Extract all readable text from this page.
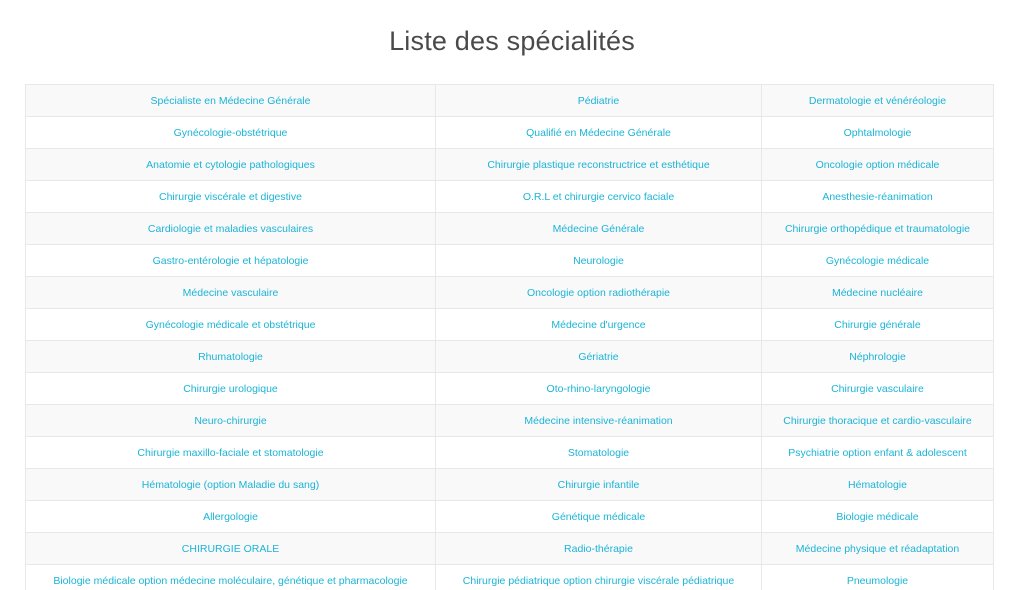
Liste des spécialités
Spécialiste en Médecine Générale	Pédiatrie	Dermatologie et vénéréologie
Gynécologie-obstétrique	Qualifié en Médecine Générale	Ophtalmologie
Anatomie et cytologie pathologiques	Chirurgie plastique reconstructrice et esthétique	Oncologie option médicale
Chirurgie viscérale et digestive	O.R.L et chirurgie cervico faciale	Anesthesie-réanimation
Cardiologie et maladies vasculaires	Médecine Générale	Chirurgie orthopédique et traumatologie
Gastro-entérologie et hépatologie	Neurologie	Gynécologie médicale
Médecine vasculaire	Oncologie option radiothérapie	Médecine nucléaire
Gynécologie médicale et obstétrique	Médecine d'urgence	Chirurgie générale
Rhumatologie	Gériatrie	Néphrologie
Chirurgie urologique	Oto-rhino-laryngologie	Chirurgie vasculaire
Neuro-chirurgie	Médecine intensive-réanimation	Chirurgie thoracique et cardio-vasculaire
Chirurgie maxillo-faciale et stomatologie	Stomatologie	Psychiatrie option enfant & adolescent
Hématologie (option Maladie du sang)	Chirurgie infantile	Hématologie
Allergologie	Génétique médicale	Biologie médicale
CHIRURGIE ORALE	Radio-thérapie	Médecine physique et réadaptation
Biologie médicale option médecine moléculaire, génétique et pharmacologie	Chirurgie pédiatrique option chirurgie viscérale pédiatrique	Pneumologie
